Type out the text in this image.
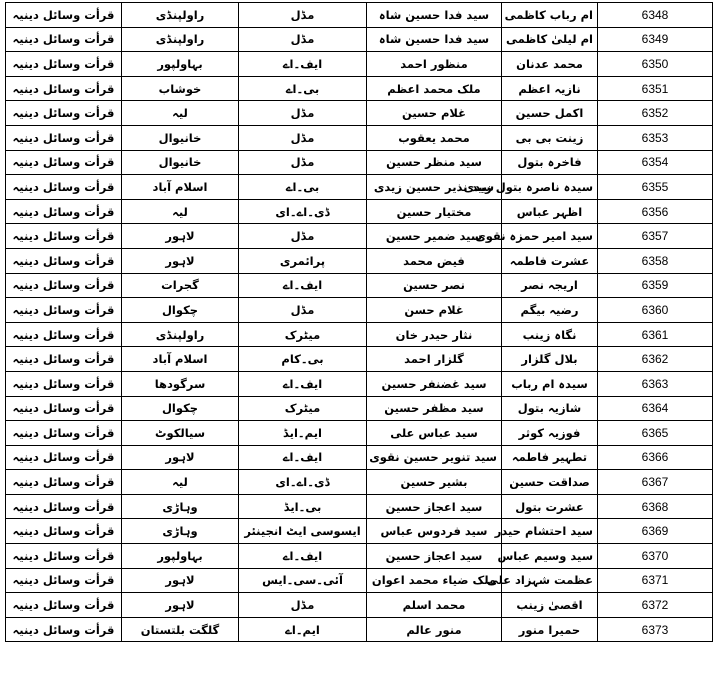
قرأت وسائل دینیہ	راولپنڈی	مڈل	سید فدا حسین شاہ	ام رباب کاظمی	6348
قرأت وسائل دینیہ	راولپنڈی	مڈل	سید فدا حسین شاہ	ام لیلیٰ کاظمی	6349
قرأت وسائل دینیہ	بہاولپور	ایف۔اے	منظور احمد	محمد عدنان	6350
قرأت وسائل دینیہ	خوشاب	بی۔اے	ملک محمد اعظم	نازیہ اعظم	6351
قرأت وسائل دینیہ	لیہ	مڈل	غلام حسین	اکمل حسین	6352
قرأت وسائل دینیہ	خانیوال	مڈل	محمد یعقوب	زینت بی بی	6353
قرأت وسائل دینیہ	خانیوال	مڈل	سید منظر حسین	فاخرہ بتول	6354
قرأت وسائل دینیہ	اسلام آباد	بی۔اے	سید نذیر حسین زیدی	سیدہ ناصرہ بتول زیدی	6355
قرأت وسائل دینیہ	لیہ	ڈی۔اے۔ای	مختیار حسین	اظہر عباس	6356
قرأت وسائل دینیہ	لاہور	مڈل	سید ضمیر حسین	سید امیر حمزہ نقوی	6357
قرأت وسائل دینیہ	لاہور	پرائمری	فیض محمد	عشرت فاطمہ	6358
قرأت وسائل دینیہ	گجرات	ایف۔اے	نصر حسین	اریجہ نصر	6359
قرأت وسائل دینیہ	چکوال	مڈل	غلام حسن	رضیہ بیگم	6360
قرأت وسائل دینیہ	راولپنڈی	میٹرک	نثار حیدر خان	نگاہ زینب	6361
قرأت وسائل دینیہ	اسلام آباد	بی۔کام	گلزار احمد	بلال گلزار	6362
قرأت وسائل دینیہ	سرگودھا	ایف۔اے	سید غضنفر حسین	سیدہ ام رباب	6363
قرأت وسائل دینیہ	چکوال	میٹرک	سید مظفر حسین	شازیہ بتول	6364
قرأت وسائل دینیہ	سیالکوٹ	ایم۔ایڈ	سید عباس علی	فوزیہ کوثر	6365
قرأت وسائل دینیہ	لاہور	ایف۔اے	سید تنویر حسین نقوی	تطہیر فاطمہ	6366
قرأت وسائل دینیہ	لیہ	ڈی۔اے۔ای	بشیر حسین	صداقت حسین	6367
قرأت وسائل دینیہ	وہاڑی	بی۔ایڈ	سید اعجاز حسین	عشرت بتول	6368
قرأت وسائل دینیہ	وہاڑی	ایسوسی ایٹ انجینئر	سید فردوس عباس	سید احتشام حیدر	6369
قرأت وسائل دینیہ	بہاولپور	ایف۔اے	سید اعجاز حسین	سید وسیم عباس	6370
قرأت وسائل دینیہ	لاہور	آئی۔سی۔ایس	ملک ضیاء محمد اعوان	عظمت شہزاد علی	6371
قرأت وسائل دینیہ	لاہور	مڈل	محمد اسلم	اقصیٰ زینب	6372
قرأت وسائل دینیہ	گلگت بلتستان	ایم۔اے	منور عالم	حمیرا منور	6373
